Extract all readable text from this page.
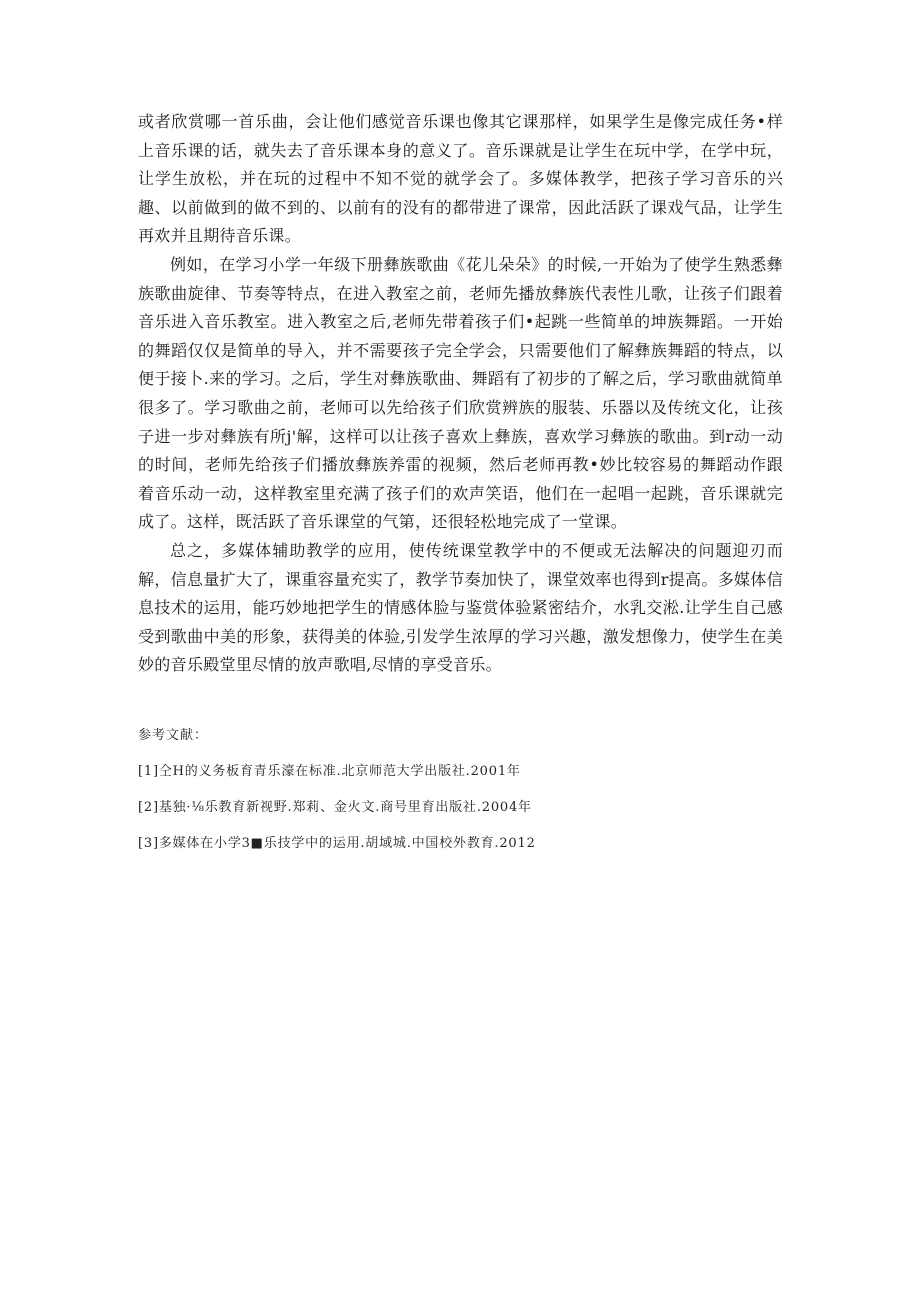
或者欣赏哪一首乐曲，会让他们感觉音乐课也像其它课那样，如果学生是像完成任务•样上音乐课的话，就失去了音乐课本身的意义了。音乐课就是让学生在玩中学，在学中玩，让学生放松，并在玩的过程中不知不觉的就学会了。多媒体教学，把孩子学习音乐的兴趣、以前做到的做不到的、以前有的没有的都带进了课常，因此活跃了课戏气品，让学生再欢并且期待音乐课。

例如，在学习小学一年级下册彝族歌曲《花儿朵朵》的时候,一开始为了使学生熟悉彝族歌曲旋律、节奏等特点，在进入教室之前，老师先播放彝族代表性儿歌，让孩子们跟着音乐进入音乐教室。进入教室之后,老师先带着孩子们•起跳一些简单的坤族舞蹈。一开始的舞蹈仅仅是简单的导入，并不需要孩子完全学会，只需要他们了解彝族舞蹈的特点，以便于接卜.来的学习。之后，学生对彝族歌曲、舞蹈有了初步的了解之后，学习歌曲就简单很多了。学习歌曲之前，老师可以先给孩子们欣赏辨族的服装、乐器以及传统文化，让孩子进一步对彝族有所j'解，这样可以让孩子喜欢上彝族，喜欢学习彝族的歌曲。到r动一动的时间，老师先给孩子们播放彝族养雷的视频，然后老师再教•妙比较容易的舞蹈动作跟着音乐动一动，这样教室里充满了孩子们的欢声笑语，他们在一起唱一起跳，音乐课就完成了。这样，既活跃了音乐课堂的气第，还很轻松地完成了一堂课。

总之，多媒体辅助教学的应用，使传统课堂教学中的不便或无法解决的问题迎刃而解，信息量扩大了，课重容量充实了，教学节奏加快了，课堂效率也得到r提高。多媒体信息技术的运用，能巧妙地把学生的情感体脸与鉴赏体验紧密结介，水乳交淞.让学生自己感受到歌曲中美的形象，获得美的体验,引发学生浓厚的学习兴趣，激发想像力，使学生在美妙的音乐殿堂里尽情的放声歌唱,尽情的享受音乐。

参考文献：

[1]仝H的义务板育青乐濠在标准.北京师范大学出版社.2001年

[2]基独·⅛乐教育新视野.郑莉、金火文.商号里育出版社.2004年

[3]多媒体在小学3■乐技学中的运用.胡域城.中国校外教育.2012
